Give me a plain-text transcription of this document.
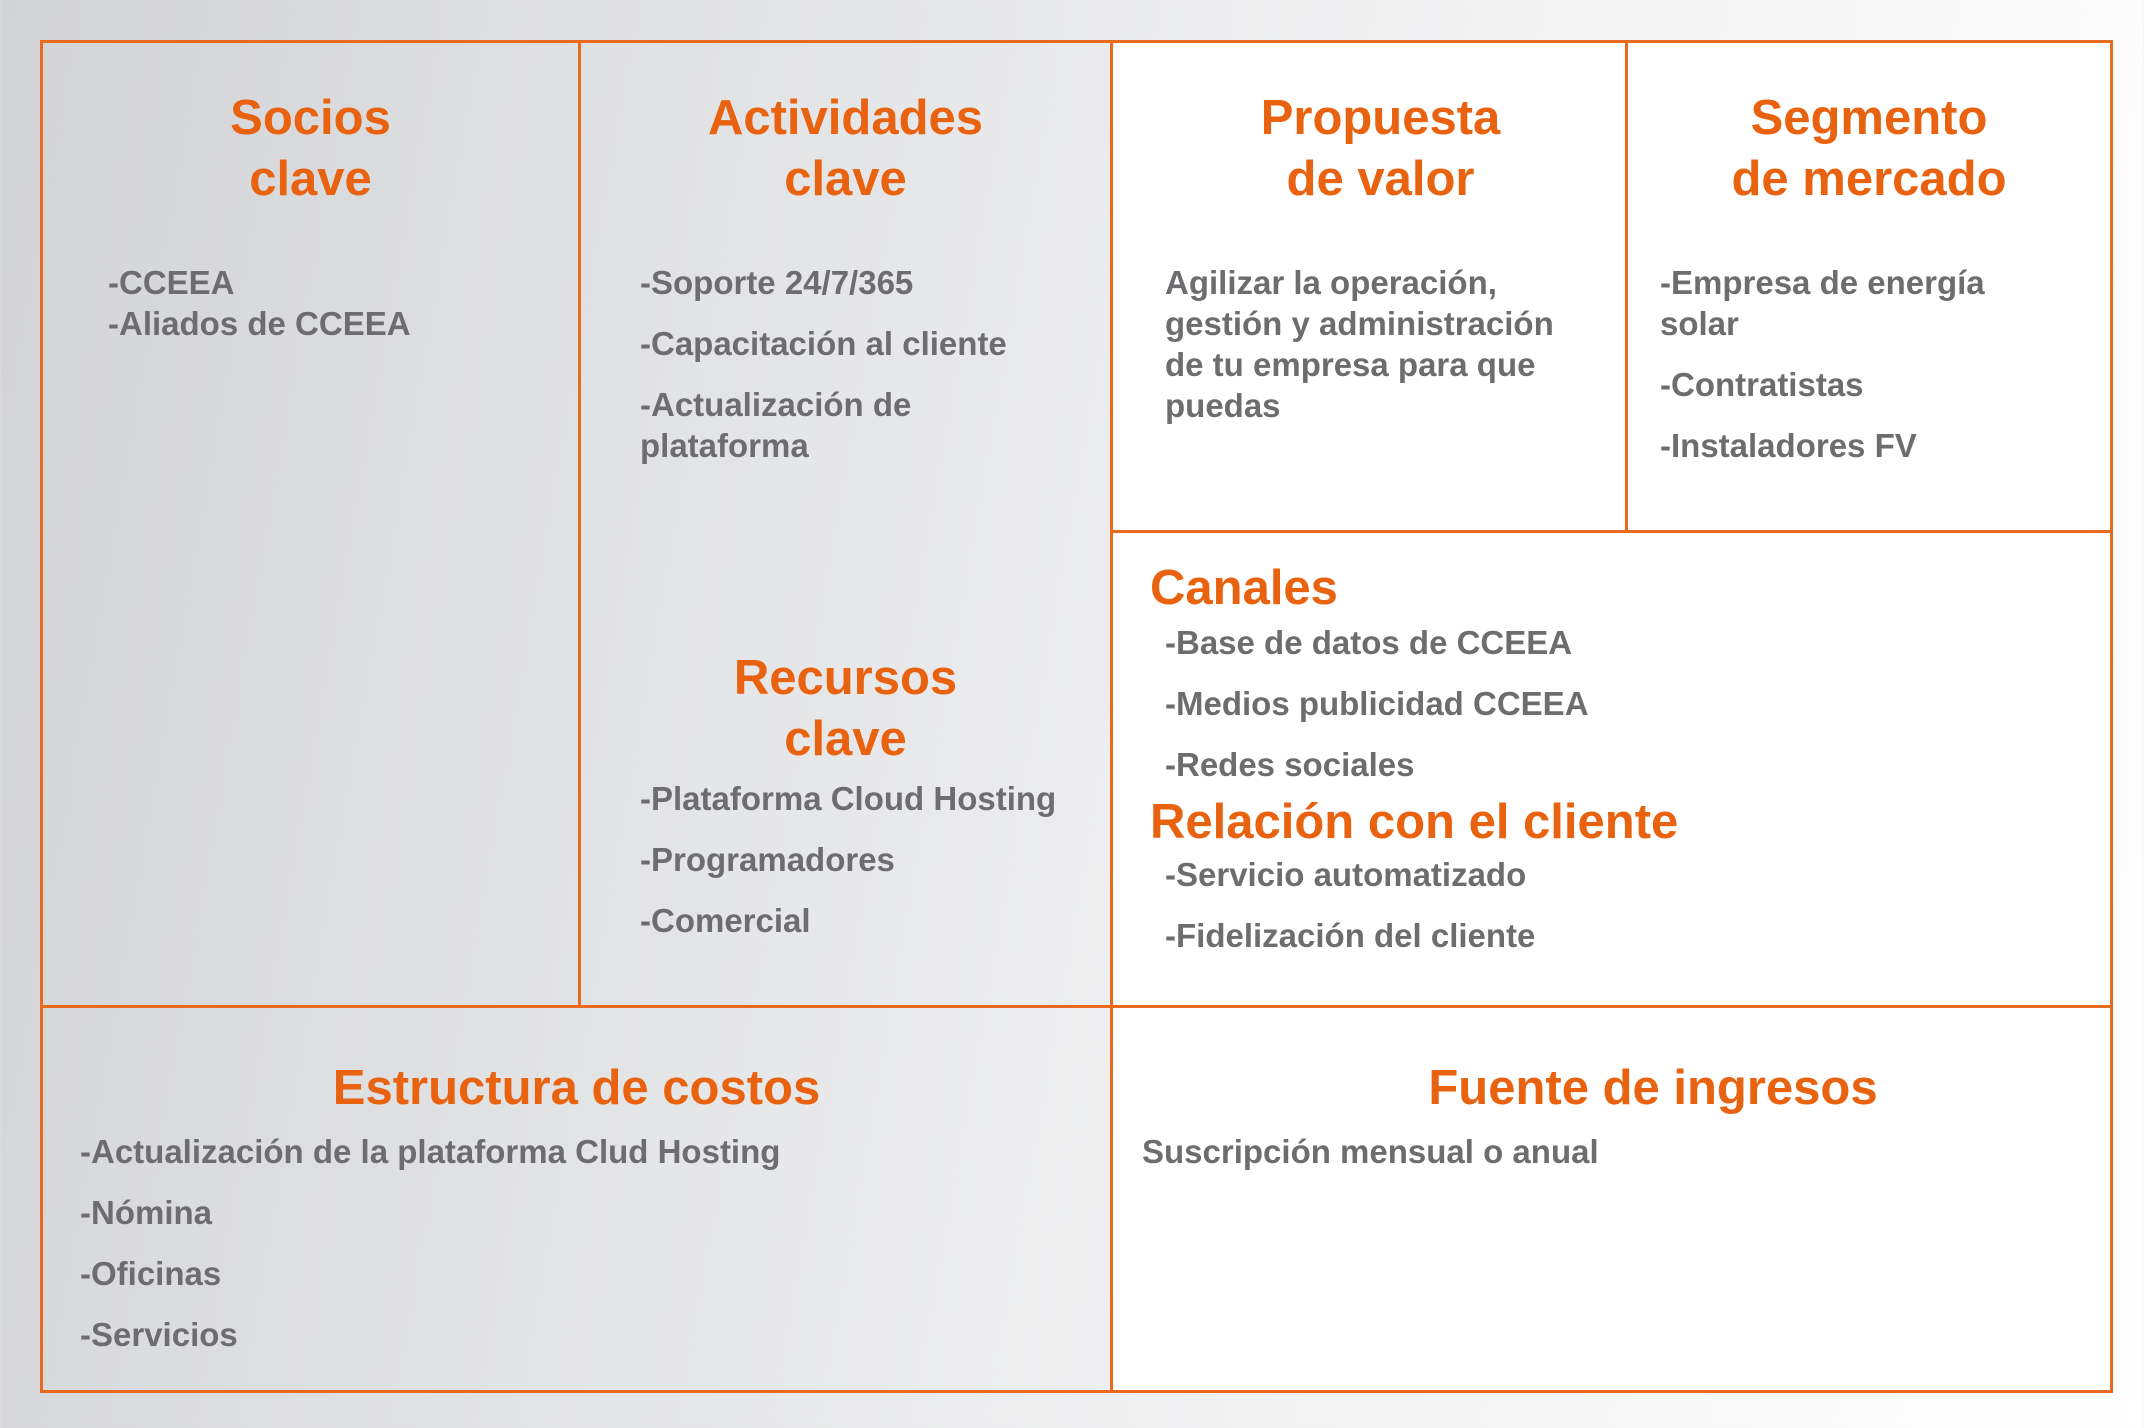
Socios
clave
-CCEEA
-Aliados de CCEEA
Actividades
clave
-Soporte 24/7/365
-Capacitación al cliente
-Actualización de plataforma
Recursos
clave
-Plataforma Cloud Hosting
-Programadores
-Comercial
Propuesta
de valor

Agilizar la operación, gestión y administración de tu empresa para que puedas

Segmento
de mercado
-Empresa de energía solar
-Contratistas
-Instaladores FV
Canales
-Base de datos de CCEEA
-Medios publicidad CCEEA
-Redes sociales
Relación con el cliente
-Servicio automatizado
-Fidelización del cliente
Estructura de costos
-Actualización de la plataforma Clud Hosting
-Nómina
-Oficinas
-Servicios
Fuente de ingresos

Suscripción mensual o anual
